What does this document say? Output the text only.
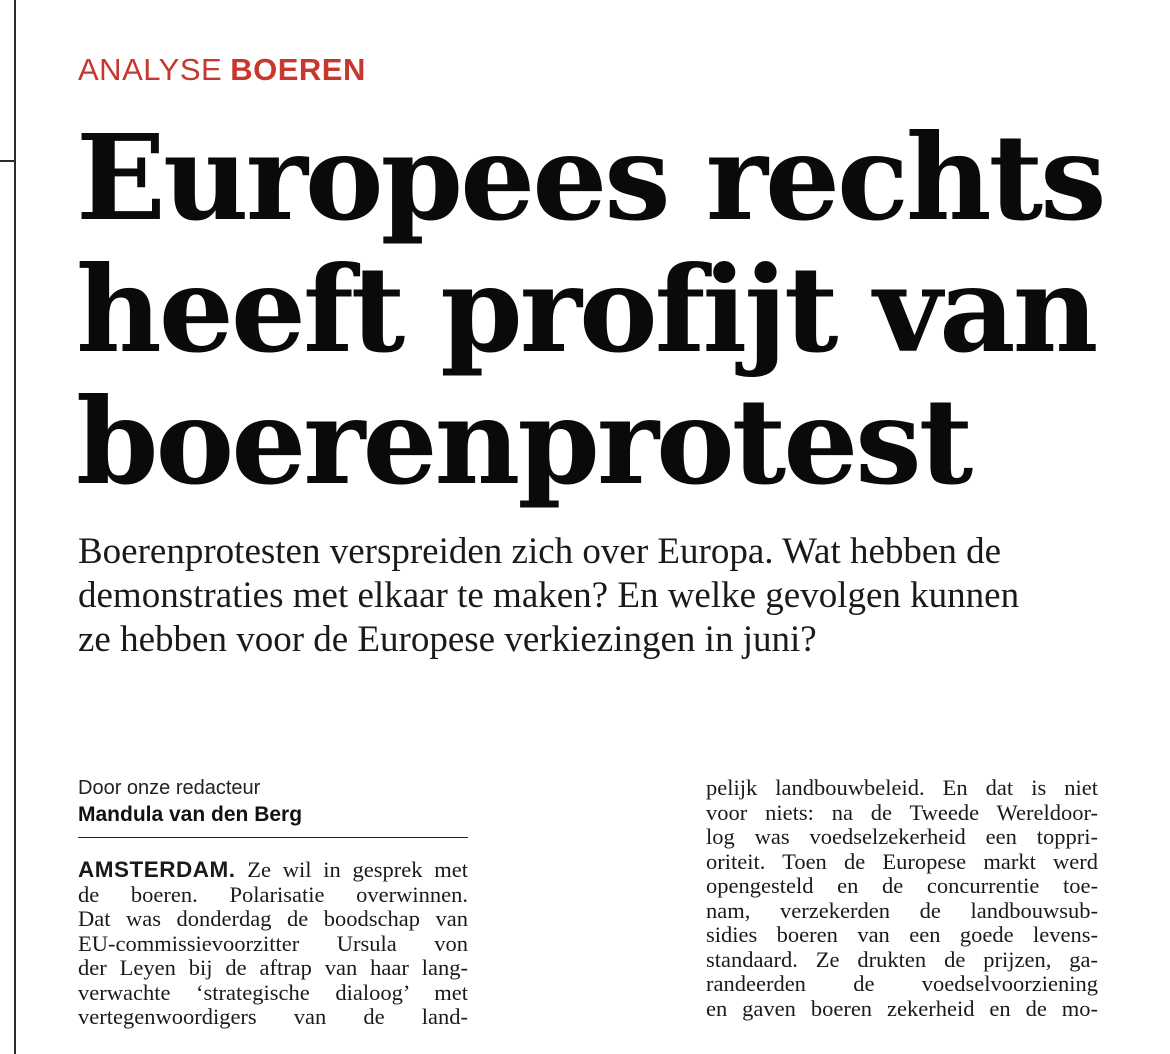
ANALYSE BOEREN
Europees rechts
heeft profijt van
boerenprotest

Boerenprotesten verspreiden zich over Europa. Wat hebben de
demonstraties met elkaar te maken? En welke gevolgen kunnen
ze hebben voor de Europese verkiezingen in juni?

Door onze redacteur
Mandula van den Berg
AMSTERDAM. Ze wil in gesprek met
de boeren. Polarisatie overwinnen.
Dat was donderdag de boodschap van
EU-commissievoorzitter Ursula von
der Leyen bij de aftrap van haar lang-
verwachte ‘strategische dialoog’ met
vertegenwoordigers van de land-
pelijk landbouwbeleid. En dat is niet
voor niets: na de Tweede Wereldoor-
log was voedselzekerheid een toppri-
oriteit. Toen de Europese markt werd
opengesteld en de concurrentie toe-
nam, verzekerden de landbouwsub-
sidies boeren van een goede levens-
standaard. Ze drukten de prijzen, ga-
randeerden de voedselvoorziening
en gaven boeren zekerheid en de mo-
